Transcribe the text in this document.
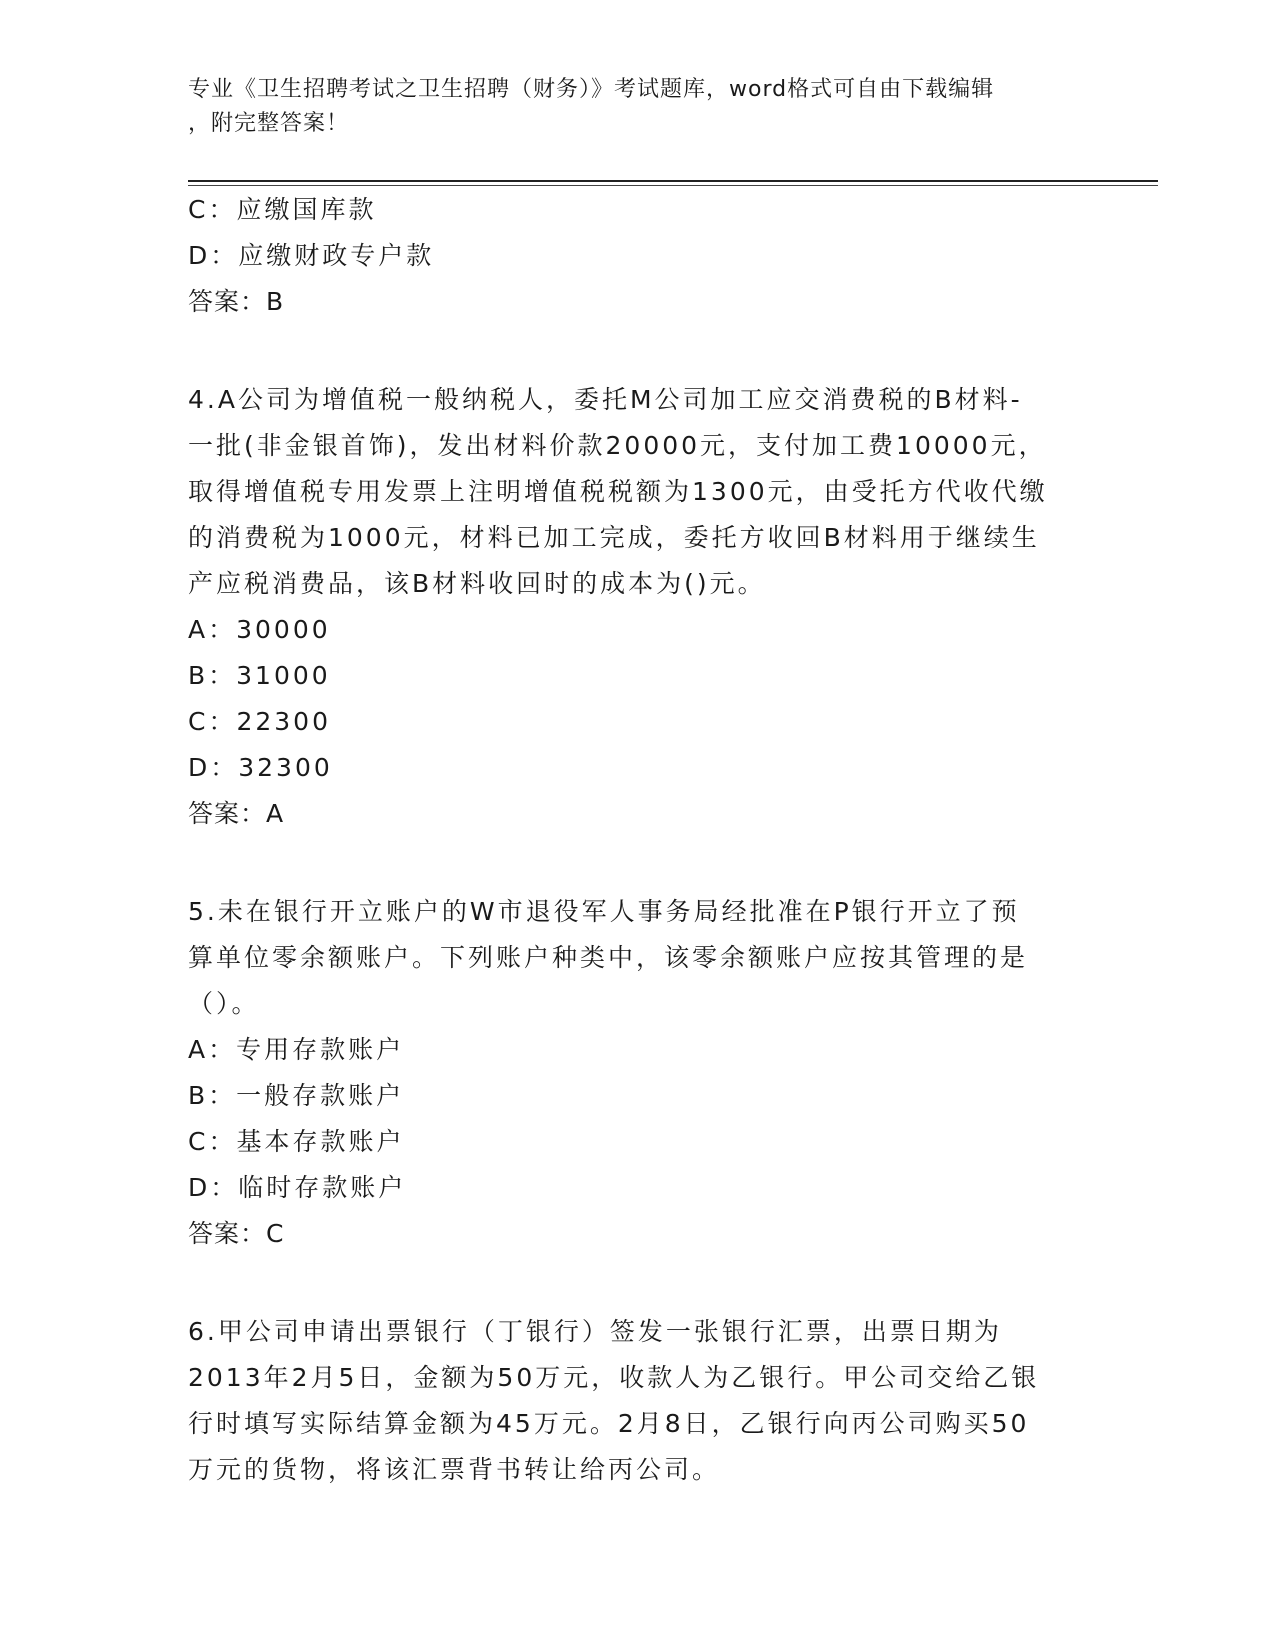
专业《卫生招聘考试之卫生招聘（财务）》考试题库，word格式可自由下载编辑
，附完整答案！
C：应缴国库款
D：应缴财政专户款
答案：B
4.A公司为增值税一般纳税人，委托M公司加工应交消费税的B材料-
一批(非金银首饰)，发出材料价款20000元，支付加工费10000元，
取得增值税专用发票上注明增值税税额为1300元，由受托方代收代缴
的消费税为1000元，材料已加工完成，委托方收回B材料用于继续生
产应税消费品，该B材料收回时的成本为()元。
A：30000
B：31000
C：22300
D：32300
答案：A
5.未在银行开立账户的W市退役军人事务局经批准在P银行开立了预
算单位零余额账户。下列账户种类中，该零余额账户应按其管理的是
（）。
A：专用存款账户
B：一般存款账户
C：基本存款账户
D：临时存款账户
答案：C
6.甲公司申请出票银行（丁银行）签发一张银行汇票，出票日期为
2013年2月5日，金额为50万元，收款人为乙银行。甲公司交给乙银
行时填写实际结算金额为45万元。2月8日，乙银行向丙公司购买50
万元的货物，将该汇票背书转让给丙公司。
